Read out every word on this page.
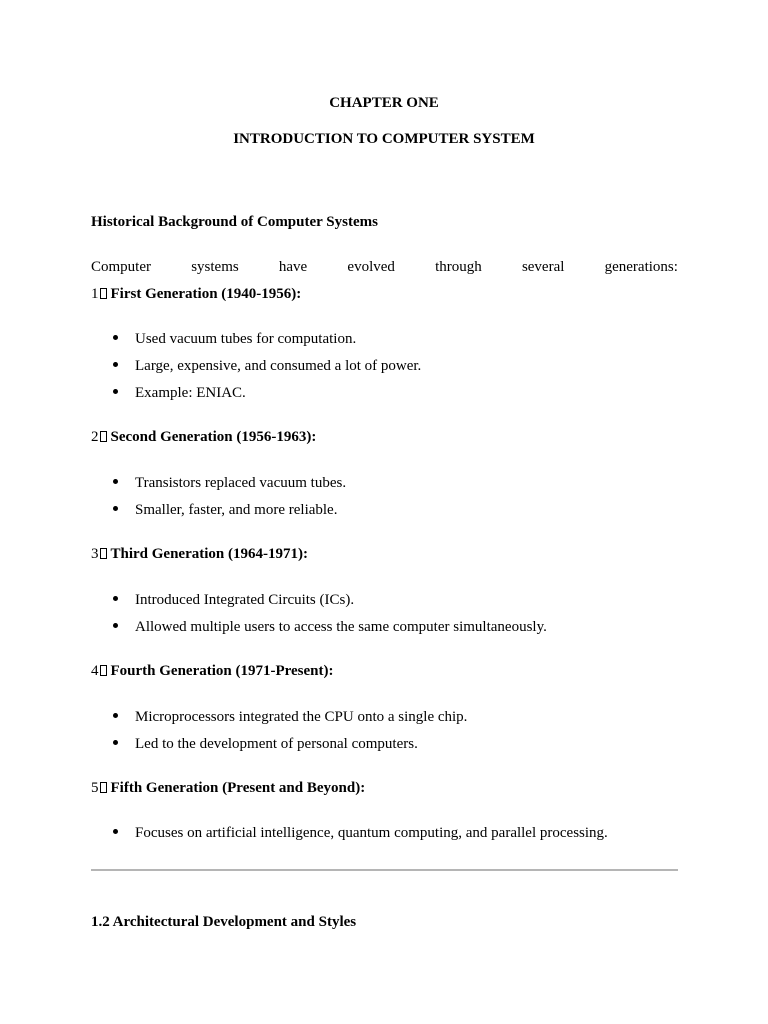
CHAPTER ONE
INTRODUCTION TO COMPUTER SYSTEM
Historical Background of Computer Systems
Computer	systems	have	evolved	through	several	generations:
1 First Generation (1940-1956):
Used vacuum tubes for computation.
Large, expensive, and consumed a lot of power.
Example: ENIAC.
2 Second Generation (1956-1963):
Transistors replaced vacuum tubes.
Smaller, faster, and more reliable.
3 Third Generation (1964-1971):
Introduced Integrated Circuits (ICs).
Allowed multiple users to access the same computer simultaneously.
4 Fourth Generation (1971-Present):
Microprocessors integrated the CPU onto a single chip.
Led to the development of personal computers.
5 Fifth Generation (Present and Beyond):
Focuses on artificial intelligence, quantum computing, and parallel processing.
1.2 Architectural Development and Styles
